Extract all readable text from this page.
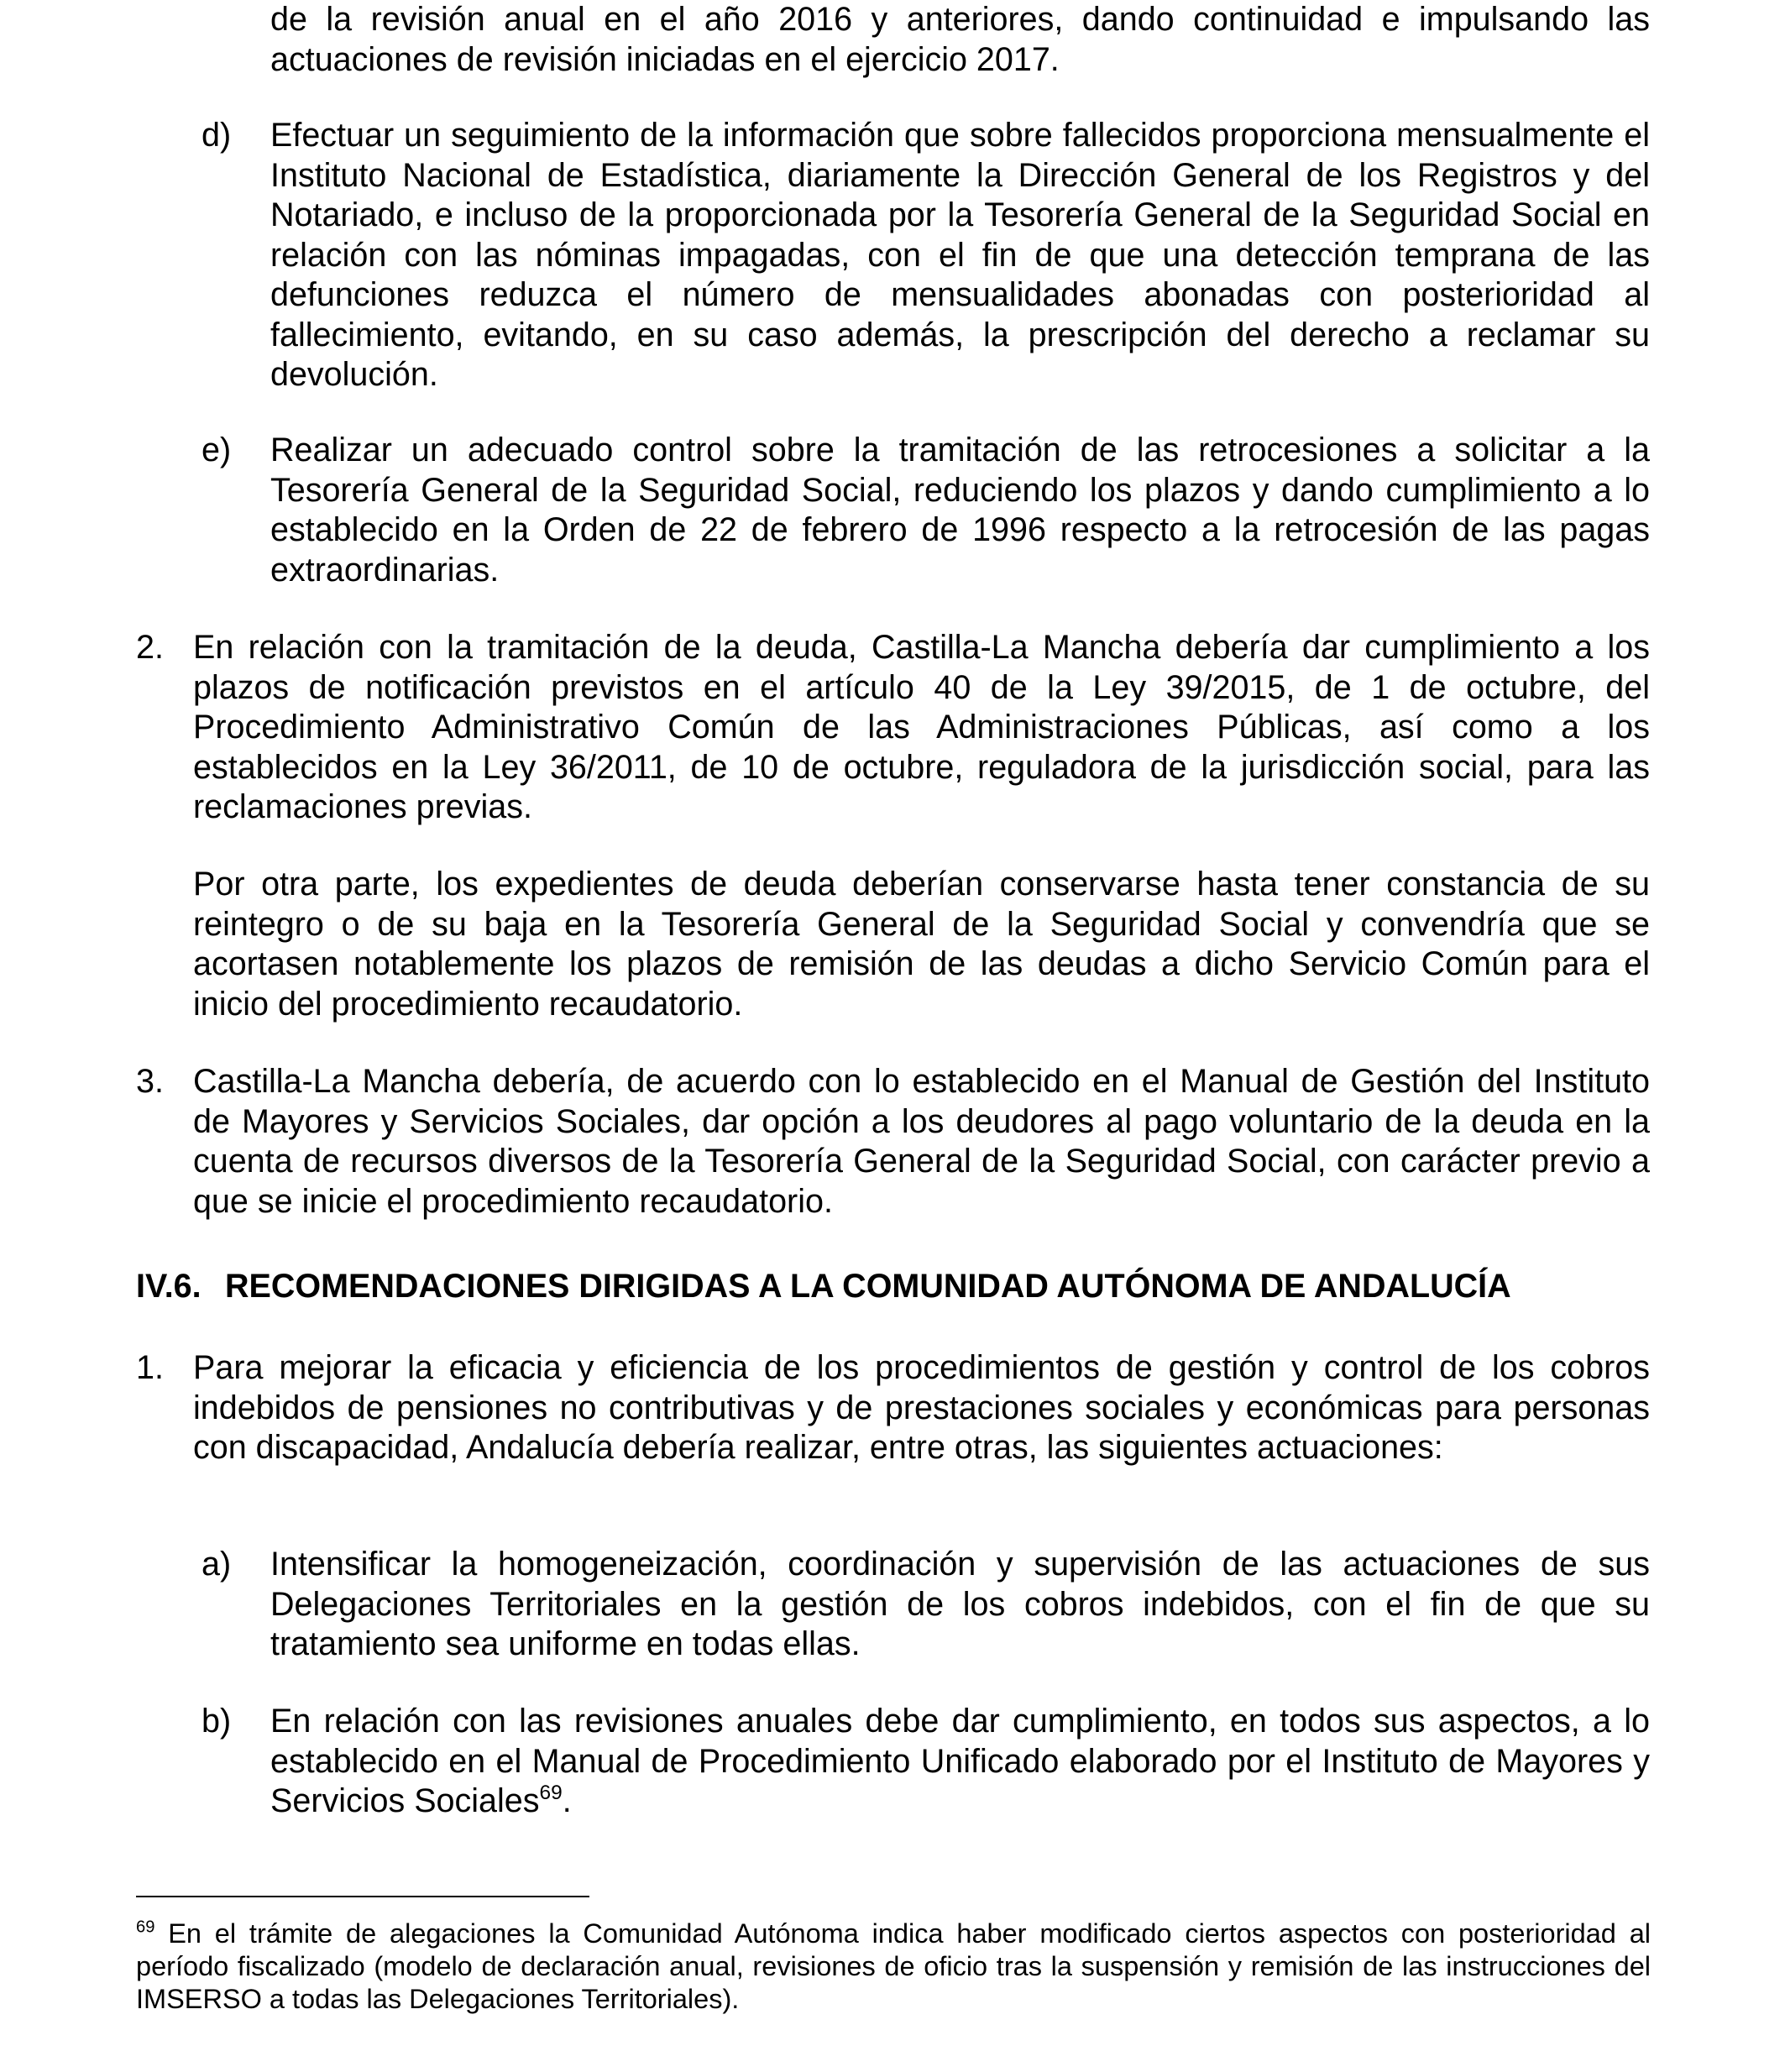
de la revisión anual en el año 2016 y anteriores, dando continuidad e impulsando las actuaciones de revisión iniciadas en el ejercicio 2017.

d) Efectuar un seguimiento de la información que sobre fallecidos proporciona mensualmente el Instituto Nacional de Estadística, diariamente la Dirección General de los Registros y del Notariado, e incluso de la proporcionada por la Tesorería General de la Seguridad Social en relación con las nóminas impagadas, con el fin de que una detección temprana de las defunciones reduzca el número de mensualidades abonadas con posterioridad al fallecimiento, evitando, en su caso además, la prescripción del derecho a reclamar su devolución.

e) Realizar un adecuado control sobre la tramitación de las retrocesiones a solicitar a la Tesorería General de la Seguridad Social, reduciendo los plazos y dando cumplimiento a lo establecido en la Orden de 22 de febrero de 1996 respecto a la retrocesión de las pagas extraordinarias.

2. En relación con la tramitación de la deuda, Castilla-La Mancha debería dar cumplimiento a los plazos de notificación previstos en el artículo 40 de la Ley 39/2015, de 1 de octubre, del Procedimiento Administrativo Común de las Administraciones Públicas, así como a los establecidos en la Ley 36/2011, de 10 de octubre, reguladora de la jurisdicción social, para las reclamaciones previas.

Por otra parte, los expedientes de deuda deberían conservarse hasta tener constancia de su reintegro o de su baja en la Tesorería General de la Seguridad Social y convendría que se acortasen notablemente los plazos de remisión de las deudas a dicho Servicio Común para el inicio del procedimiento recaudatorio.

3. Castilla-La Mancha debería, de acuerdo con lo establecido en el Manual de Gestión del Instituto de Mayores y Servicios Sociales, dar opción a los deudores al pago voluntario de la deuda en la cuenta de recursos diversos de la Tesorería General de la Seguridad Social, con carácter previo a que se inicie el procedimiento recaudatorio.

IV.6. RECOMENDACIONES DIRIGIDAS A LA COMUNIDAD AUTÓNOMA DE ANDALUCÍA
1. Para mejorar la eficacia y eficiencia de los procedimientos de gestión y control de los cobros indebidos de pensiones no contributivas y de prestaciones sociales y económicas para personas con discapacidad, Andalucía debería realizar, entre otras, las siguientes actuaciones:

a) Intensificar la homogeneización, coordinación y supervisión de las actuaciones de sus Delegaciones Territoriales en la gestión de los cobros indebidos, con el fin de que su tratamiento sea uniforme en todas ellas.

b) En relación con las revisiones anuales debe dar cumplimiento, en todos sus aspectos, a lo establecido en el Manual de Procedimiento Unificado elaborado por el Instituto de Mayores y Servicios Sociales$^{69}$.

$^{69}$ En el trámite de alegaciones la Comunidad Autónoma indica haber modificado ciertos aspectos con posterioridad al período fiscalizado (modelo de declaración anual, revisiones de oficio tras la suspensión y remisión de las instrucciones del IMSERSO a todas las Delegaciones Territoriales).
